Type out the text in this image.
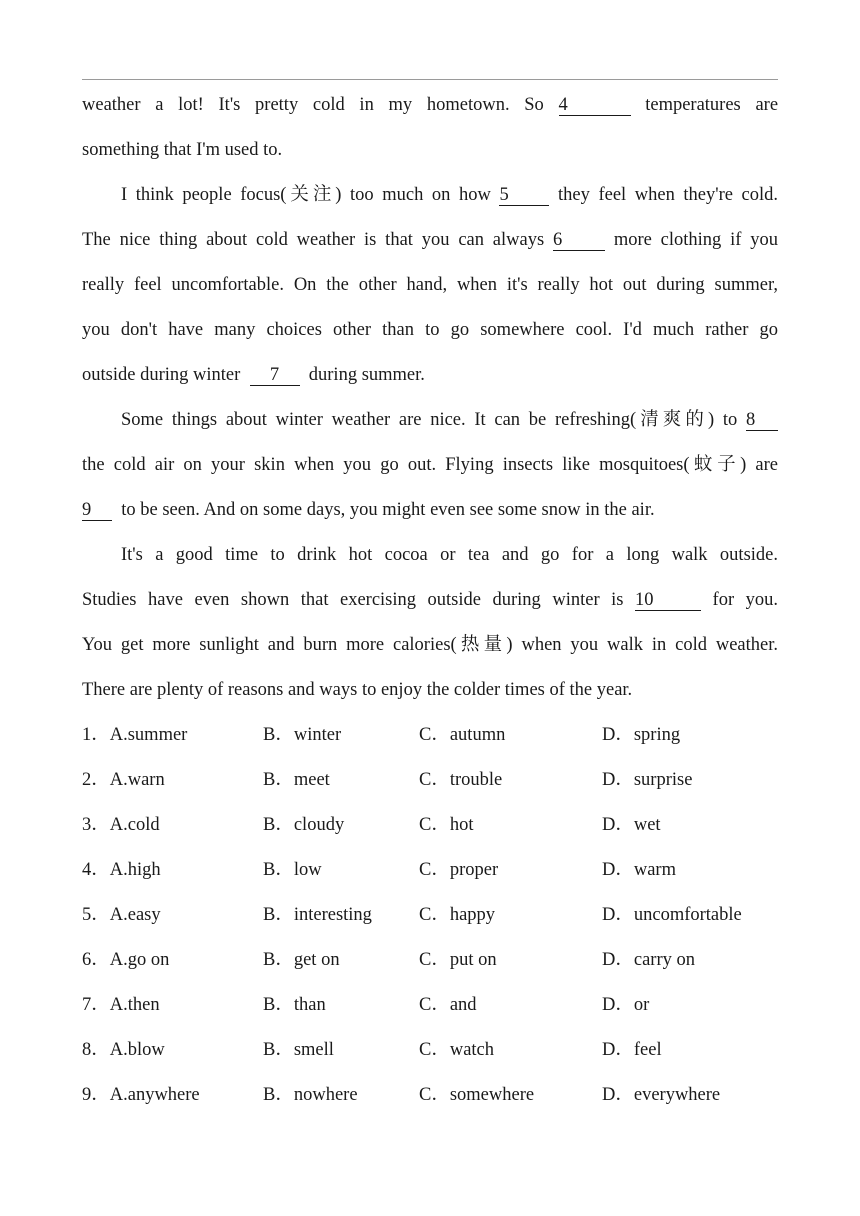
weather a lot! It's pretty cold in my hometown. So 4	temperatures are
something that I'm used to.
I think people focus(关注) too much on how 5	they feel when they're cold.
The nice thing about cold weather is that you can always 6	more clothing if you
really feel uncomfortable. On the other hand, when it's really hot out during summer,
you don't have many choices other than to go somewhere cool. I'd much rather go
outside during winter 7 during summer.
Some things about winter weather are nice. It can be refreshing(清爽的) to 8
the cold air on your skin when you go out. Flying insects like mosquitoes(蚊子) are
9 to be seen. And on some days, you might even see some snow in the air.
It's a good time to drink hot cocoa or tea and go for a long walk outside.
Studies have even shown that exercising outside during winter is 10	for you.
You get more sunlight and burn more calories(热量) when you walk in cold weather.
There are plenty of reasons and ways to enjoy the colder times of the year.
1．A.summer	B．winter	C．autumn	D．spring
2．A.warn	B．meet	C．trouble	D．surprise
3．A.cold	B．cloudy	C．hot	D．wet
4．A.high	B．low	C．proper	D．warm
5．A.easy	B．interesting	C．happy	D．uncomfortable
6．A.go on	B．get on	C．put on	D．carry on
7．A.then	B．than	C．and	D．or
8．A.blow	B．smell	C．watch	D．feel
9．A.anywhere	B．nowhere	C．somewhere	D．everywhere
